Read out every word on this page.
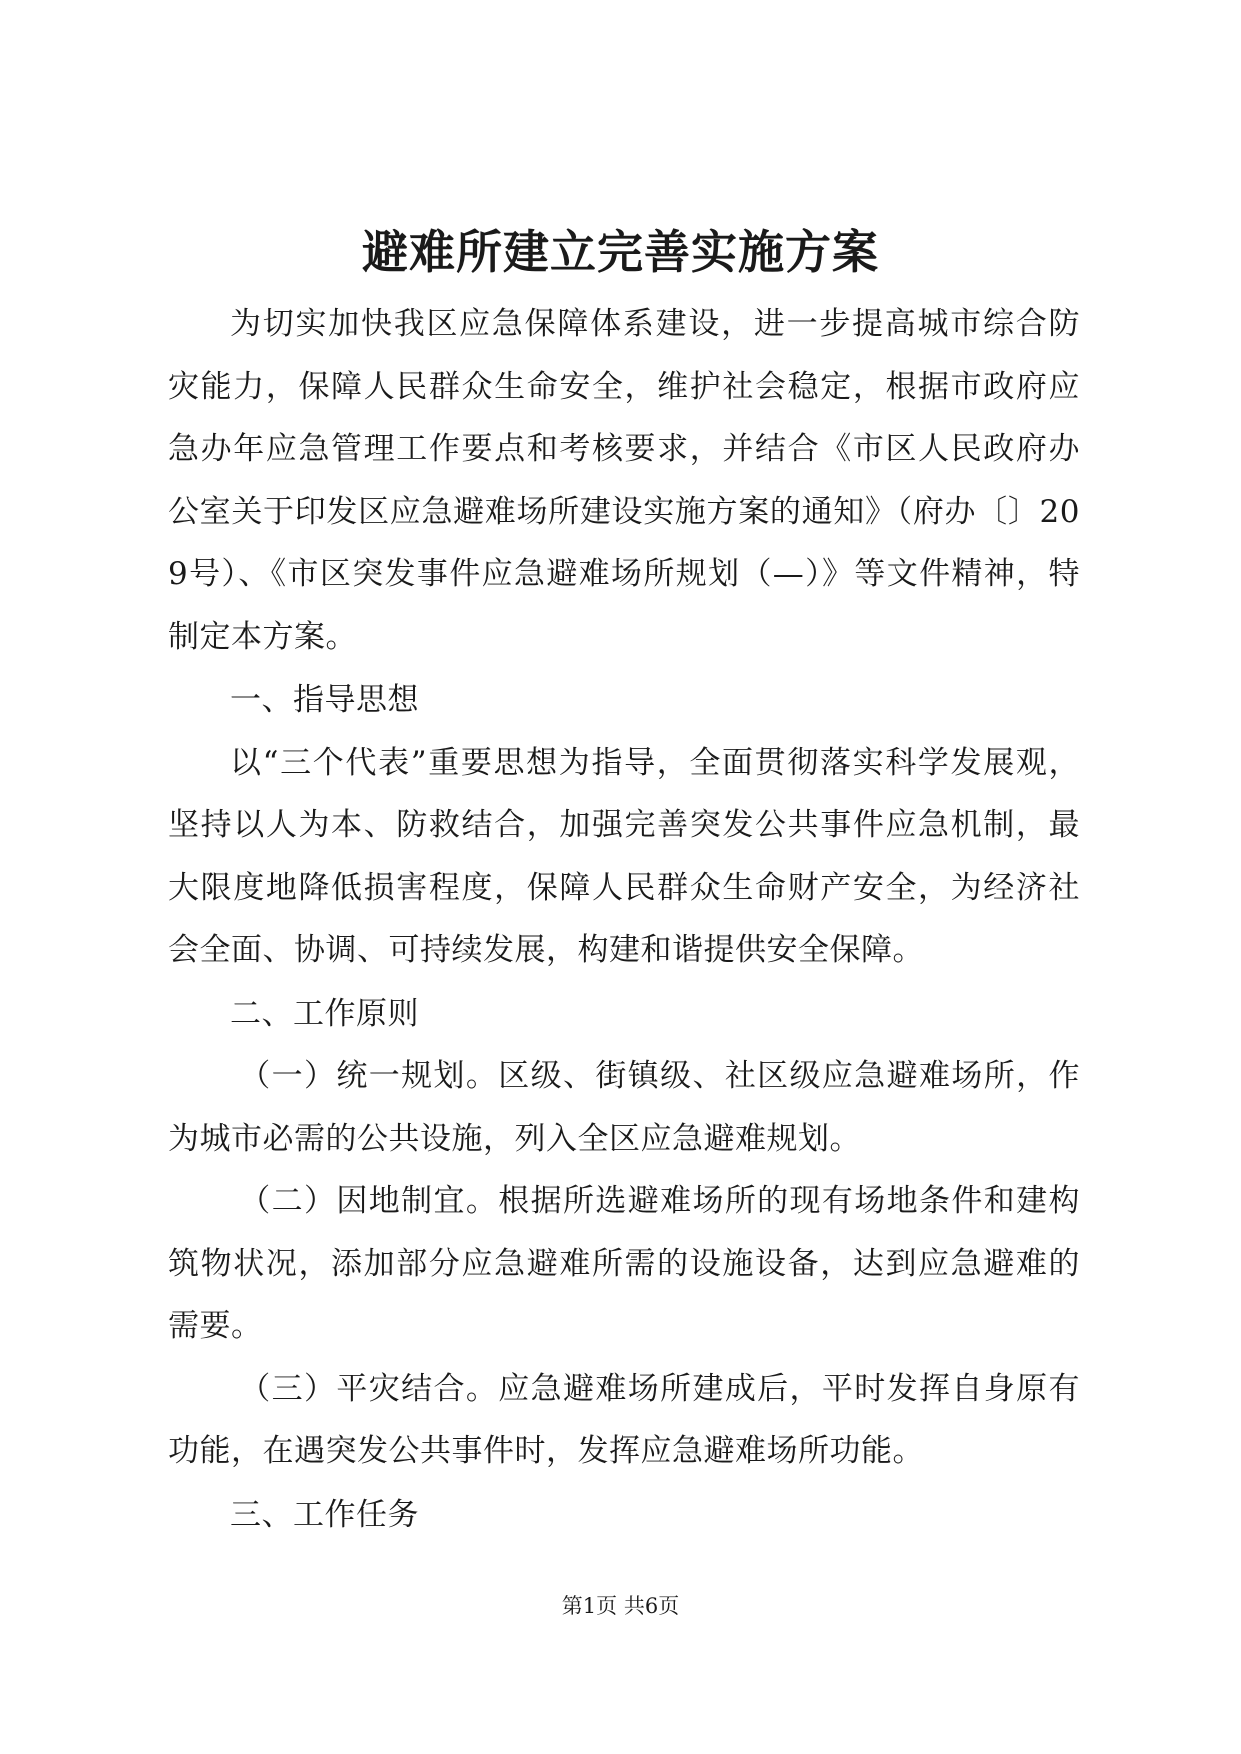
避难所建立完善实施方案

为切实加快我区应急保障体系建设，进一步提高城市综合防灾能力，保障人民群众生命安全，维护社会稳定，根据市政府应急办年应急管理工作要点和考核要求，并结合《市区人民政府办公室关于印发区应急避难场所建设实施方案的通知》（府办〔〕209号）、《市区突发事件应急避难场所规划（—）》等文件精神，特制定本方案。

一、指导思想

以“三个代表”重要思想为指导，全面贯彻落实科学发展观，坚持以人为本、防救结合，加强完善突发公共事件应急机制，最大限度地降低损害程度，保障人民群众生命财产安全，为经济社会全面、协调、可持续发展，构建和谐提供安全保障。

二、工作原则

（一）统一规划。区级、街镇级、社区级应急避难场所，作为城市必需的公共设施，列入全区应急避难规划。

（二）因地制宜。根据所选避难场所的现有场地条件和建构筑物状况，添加部分应急避难所需的设施设备，达到应急避难的需要。

（三）平灾结合。应急避难场所建成后，平时发挥自身原有功能，在遇突发公共事件时，发挥应急避难场所功能。

三、工作任务

第1页 共6页
